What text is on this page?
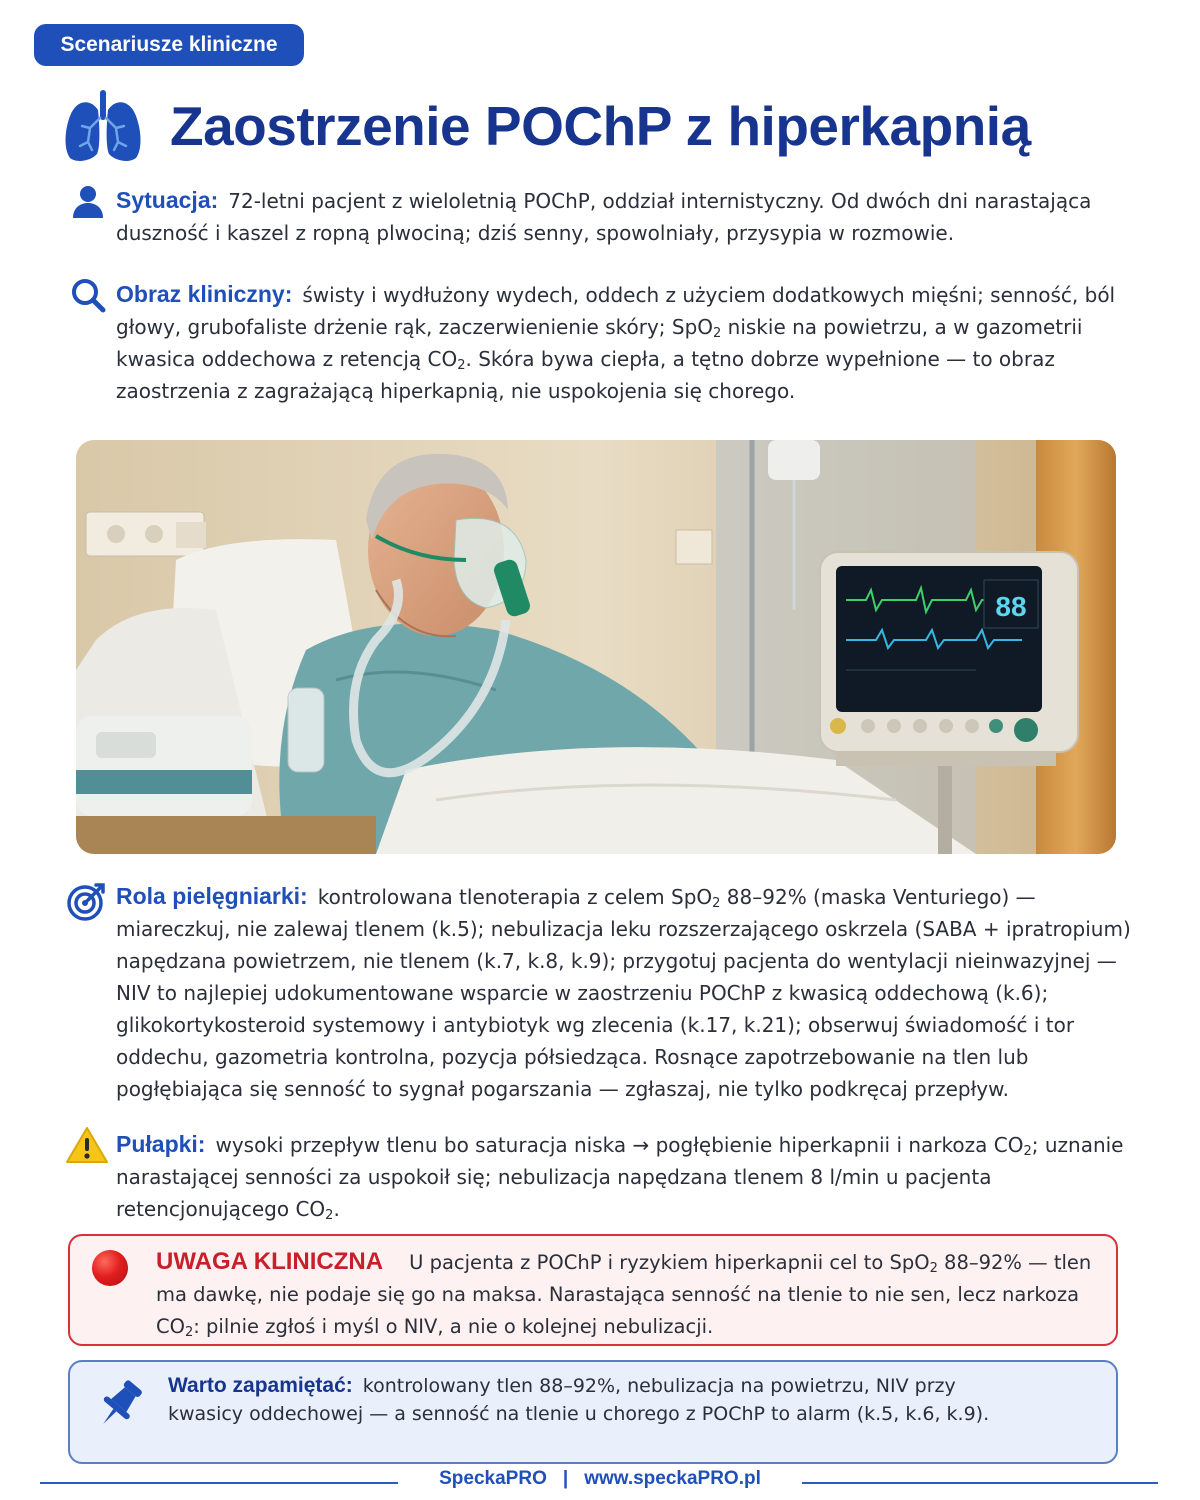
Scenariusze kliniczne
Zaostrzenie POChP z hiperkapnią

Sytuacja: 72-letni pacjent z wieloletnią POChP, oddział internistyczny. Od dwóch dni narastająca duszność i kaszel z ropną plwociną; dziś senny, spowolniały, przysypia w rozmowie.

Obraz kliniczny: świsty i wydłużony wydech, oddech z użyciem dodatkowych mięśni; senność, ból głowy, grubofaliste drżenie rąk, zaczerwienienie skóry; SpO$_2$ niskie na powietrzu, a w gazometrii kwasica oddechowa z retencją $CO_2$. Skóra bywa ciepła, a tętno dobrze wypełnione — to obraz zaostrzenia z zagrażającą hiperkapnią, nie uspokojenia się chorego.

88

Rola pielęgniarki: kontrolowana tlenoterapia z celem SpO$_2$ 88–92% (maska Venturiego) — miareczkuj, nie zalewaj tlenem (k.5); nebulizacja leku rozszerzającego oskrzela (SABA + ipratropium) napędzana powietrzem, nie tlenem (k.7, k.8, k.9); przygotuj pacjenta do wentylacji nieinwazyjnej — NIV to najlepiej udokumentowane wsparcie w zaostrzeniu POChP z kwasicą oddechową (k.6); glikokortykosteroid systemowy i antybiotyk wg zlecenia (k.17, k.21); obserwuj świadomość i tor oddechu, gazometria kontrolna, pozycja półsiedząca. Rosnące zapotrzebowanie na tlen lub pogłębiająca się senność to sygnał pogarszania — zgłaszaj, nie tylko podkręcaj przepływ.

Pułapki: wysoki przepływ tlenu bo saturacja niska → pogłębienie hiperkapnii i narkoza $CO_2$; uznanie narastającej senności za uspokoił się; nebulizacja napędzana tlenem 8 l/min u pacjenta retencjonującego $CO_2$.

UWAGA KLINICZNA U pacjenta z POChP i ryzykiem hiperkapnii cel to SpO$_2$ 88–92% — tlen ma dawkę, nie podaje się go na maksa. Narastająca senność na tlenie to nie sen, lecz narkoza $CO_2$: pilnie zgłoś i myśl o NIV, a nie o kolejnej nebulizacji.

Warto zapamiętać: kontrolowany tlen 88–92%, nebulizacja na powietrzu, NIV przy kwasicy oddechowej — a senność na tlenie u chorego z POChP to alarm (k.5, k.6, k.9).

SpeckaPRO | www.speckaPRO.pl
